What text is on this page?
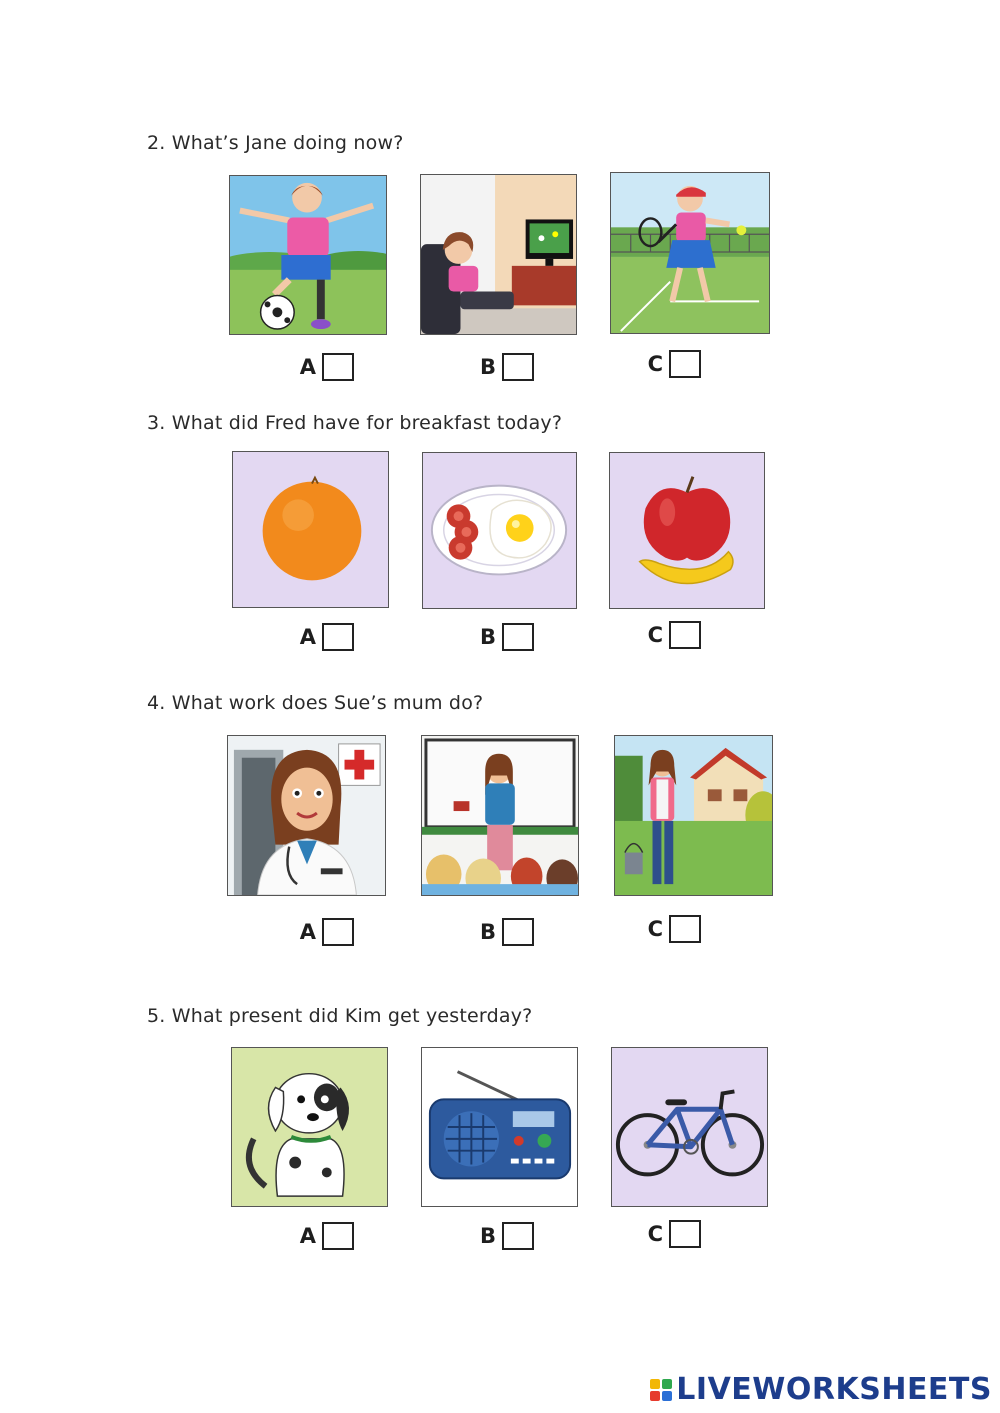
2. What’s Jane doing now?
A	B	C
3. What did Fred have for breakfast today?
A	B	C
4. What work does Sue’s mum do?
A	B	C
5. What present did Kim get yesterday?
A	B	C
LIVEWORKSHEETS
